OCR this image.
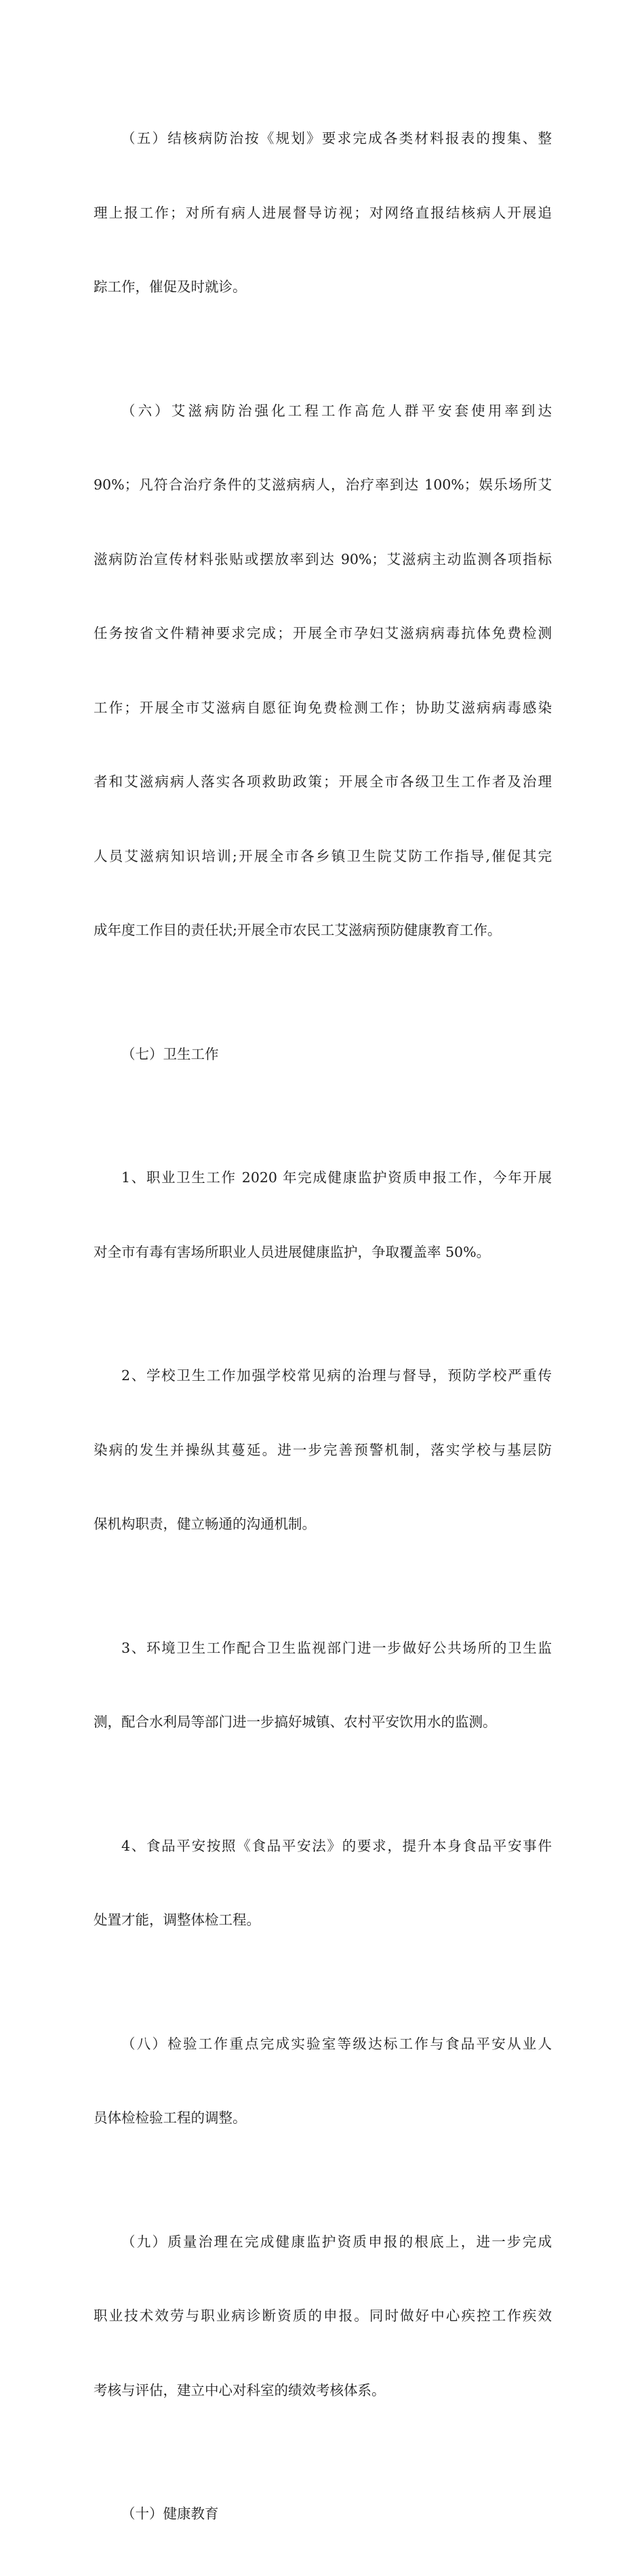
（五）结核病防治按《规划》要求完成各类材料报表的搜集、整

理上报工作；对所有病人进展督导访视；对网络直报结核病人开展追

踪工作，催促及时就诊。

（六）艾滋病防治强化工程工作高危人群平安套使用率到达

90%；凡符合治疗条件的艾滋病病人，治疗率到达 100%；娱乐场所艾

滋病防治宣传材料张贴或摆放率到达 90%；艾滋病主动监测各项指标

任务按省文件精神要求完成；开展全市孕妇艾滋病病毒抗体免费检测

工作；开展全市艾滋病自愿征询免费检测工作；协助艾滋病病毒感染

者和艾滋病病人落实各项救助政策；开展全市各级卫生工作者及治理

人员艾滋病知识培训;开展全市各乡镇卫生院艾防工作指导,催促其完

成年度工作目的责任状;开展全市农民工艾滋病预防健康教育工作。

（七）卫生工作

1、职业卫生工作 2020 年完成健康监护资质申报工作，今年开展

对全市有毒有害场所职业人员进展健康监护，争取覆盖率 50%。

2、学校卫生工作加强学校常见病的治理与督导，预防学校严重传

染病的发生并操纵其蔓延。进一步完善预警机制，落实学校与基层防

保机构职责，健立畅通的沟通机制。

3、环境卫生工作配合卫生监视部门进一步做好公共场所的卫生监

测，配合水利局等部门进一步搞好城镇、农村平安饮用水的监测。

4、食品平安按照《食品平安法》的要求，提升本身食品平安事件

处置才能，调整体检工程。

（八）检验工作重点完成实验室等级达标工作与食品平安从业人

员体检检验工程的调整。

（九）质量治理在完成健康监护资质申报的根底上，进一步完成

职业技术效劳与职业病诊断资质的申报。同时做好中心疾控工作疾效

考核与评估，建立中心对科室的绩效考核体系。

（十）健康教育
